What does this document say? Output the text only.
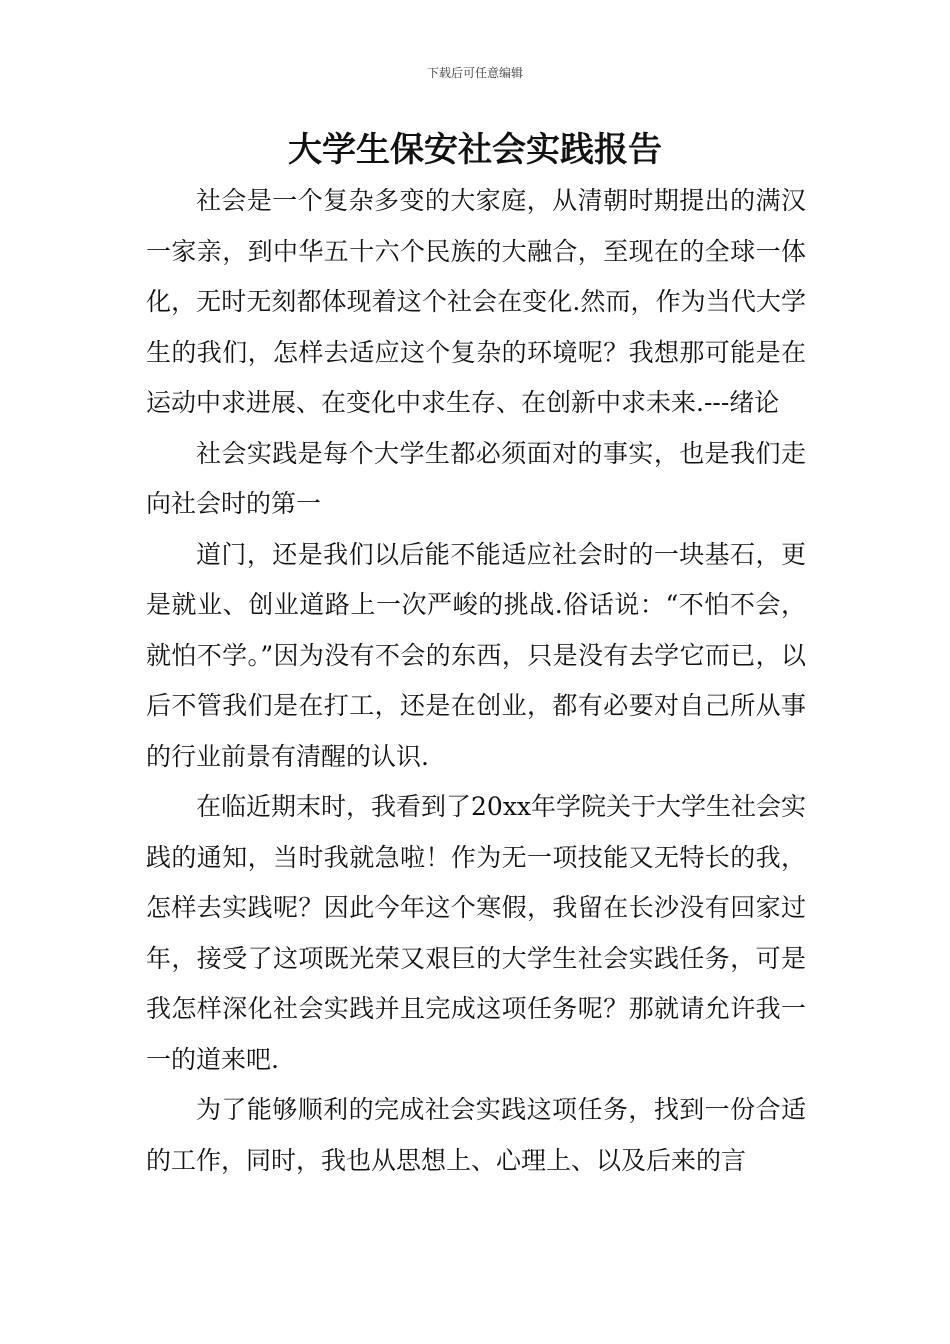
下载后可任意编辑
大学生保安社会实践报告

社会是一个复杂多变的大家庭，从清朝时期提出的满汉一家亲，到中华五十六个民族的大融合，至现在的全球一体化，无时无刻都体现着这个社会在变化.然而，作为当代大学生的我们，怎样去适应这个复杂的环境呢？我想那可能是在运动中求进展、在变化中求生存、在创新中求未来.---绪论

社会实践是每个大学生都必须面对的事实，也是我们走向社会时的第一

道门，还是我们以后能不能适应社会时的一块基石，更是就业、创业道路上一次严峻的挑战.俗话说：“不怕不会，就怕不学。”因为没有不会的东西，只是没有去学它而已，以后不管我们是在打工，还是在创业，都有必要对自己所从事的行业前景有清醒的认识.

在临近期末时，我看到了20xx年学院关于大学生社会实践的通知，当时我就急啦！作为无一项技能又无特长的我，怎样去实践呢？因此今年这个寒假，我留在长沙没有回家过年，接受了这项既光荣又艰巨的大学生社会实践任务，可是我怎样深化社会实践并且完成这项任务呢？那就请允许我一一的道来吧.

为了能够顺利的完成社会实践这项任务，找到一份合适的工作，同时，我也从思想上、心理上、以及后来的言
